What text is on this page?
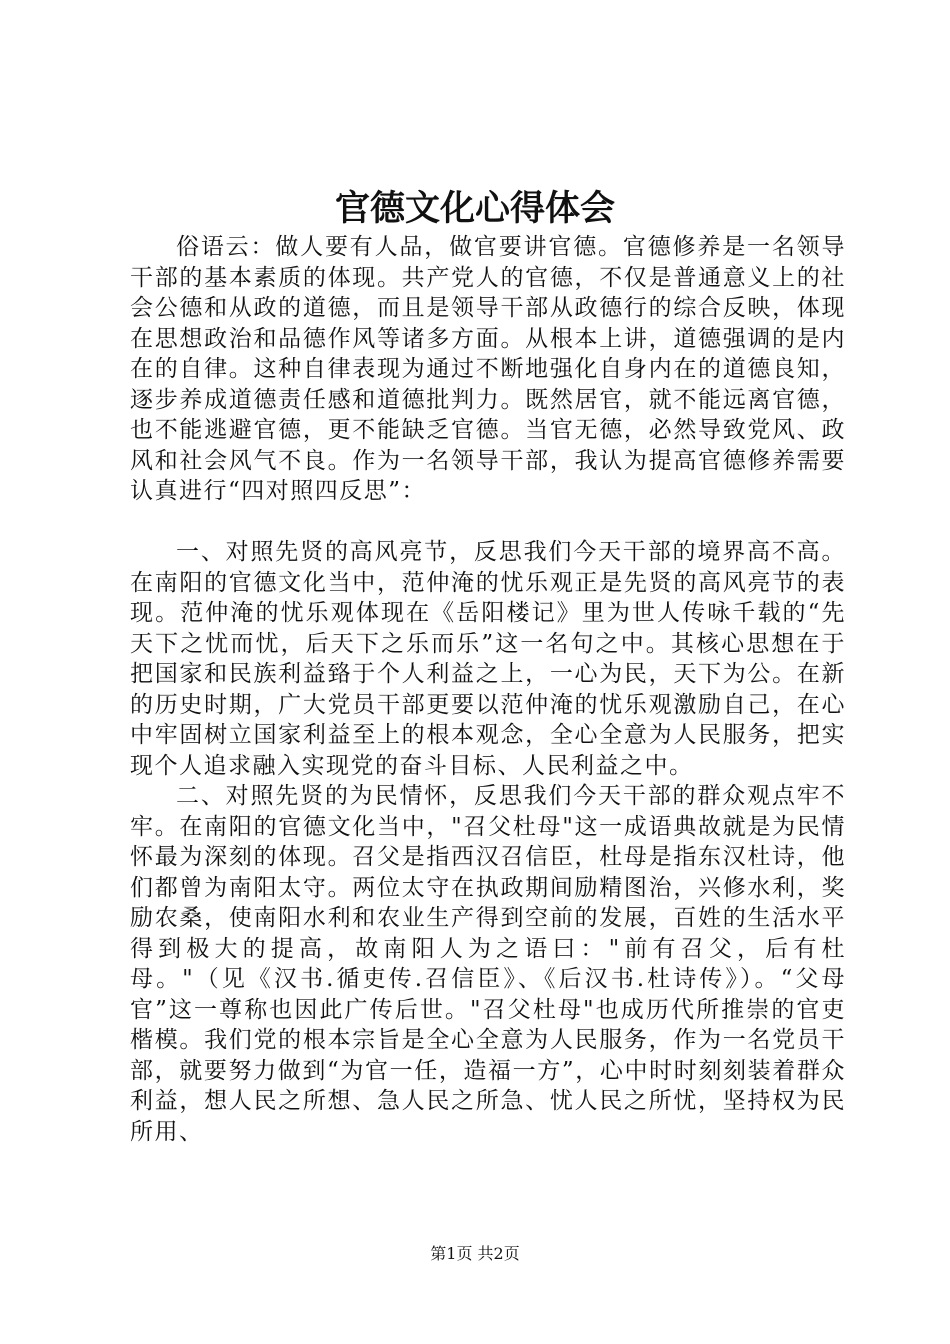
官德文化心得体会

俗语云：做人要有人品，做官要讲官德。官德修养是一名领导干部的基本素质的体现。共产党人的官德，不仅是普通意义上的社会公德和从政的道德，而且是领导干部从政德行的综合反映，体现在思想政治和品德作风等诸多方面。从根本上讲，道德强调的是内在的自律。这种自律表现为通过不断地强化自身内在的道德良知，逐步养成道德责任感和道德批判力。既然居官，就不能远离官德，也不能逃避官德，更不能缺乏官德。当官无德，必然导致党风、政风和社会风气不良。作为一名领导干部，我认为提高官德修养需要认真进行“四对照四反思”：

一、对照先贤的高风亮节，反思我们今天干部的境界高不高。在南阳的官德文化当中，范仲淹的忧乐观正是先贤的高风亮节的表现。范仲淹的忧乐观体现在《岳阳楼记》里为世人传咏千载的“先天下之忧而忧，后天下之乐而乐”这一名句之中。其核心思想在于把国家和民族利益臵于个人利益之上，一心为民，天下为公。在新的历史时期，广大党员干部更要以范仲淹的忧乐观激励自己，在心中牢固树立国家利益至上的根本观念，全心全意为人民服务，把实现个人追求融入实现党的奋斗目标、人民利益之中。

二、对照先贤的为民情怀，反思我们今天干部的群众观点牢不牢。在南阳的官德文化当中，"召父杜母"这一成语典故就是为民情怀最为深刻的体现。召父是指西汉召信臣，杜母是指东汉杜诗，他们都曾为南阳太守。两位太守在执政期间励精图治，兴修水利，奖励农桑，使南阳水利和农业生产得到空前的发展，百姓的生活水平得到极大的提高，故南阳人为之语曰："前有召父，后有杜母。"（见《汉书.循吏传.召信臣》、《后汉书.杜诗传》）。“父母官”这一尊称也因此广传后世。"召父杜母"也成历代所推崇的官吏楷模。我们党的根本宗旨是全心全意为人民服务，作为一名党员干部，就要努力做到“为官一任，造福一方”，心中时时刻刻装着群众利益，想人民之所想、急人民之所急、忧人民之所忧，坚持权为民所用、

第1页 共2页
